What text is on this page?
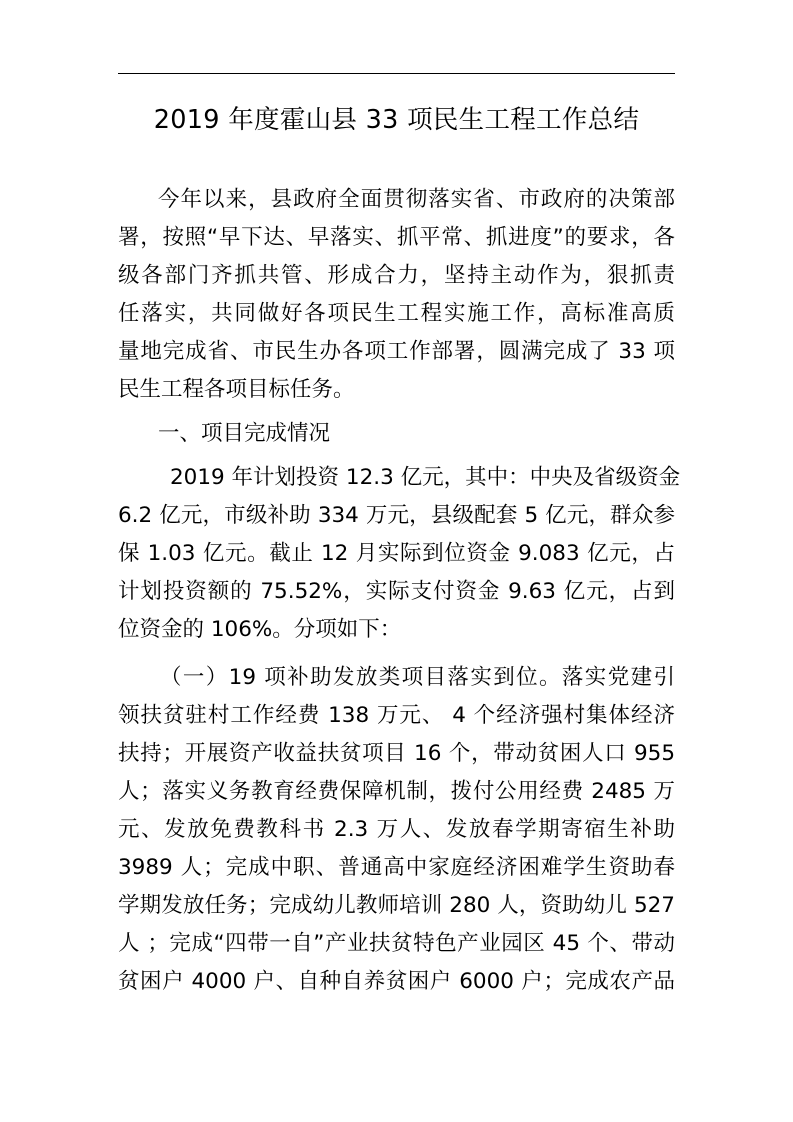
2019 年度霍山县 33 项民生工程工作总结
今年以来，县政府全面贯彻落实省、市政府的决策部
署，按照“早下达、早落实、抓平常、抓进度”的要求，各
级各部门齐抓共管、形成合力，坚持主动作为，狠抓责
任落实，共同做好各项民生工程实施工作，高标准高质
量地完成省、市民生办各项工作部署，圆满完成了 33 项
民生工程各项目标任务。
一、项目完成情况
2019 年计划投资 12.3 亿元，其中：中央及省级资金
6.2 亿元，市级补助 334 万元，县级配套 5 亿元，群众参
保 1.03 亿元。截止 12 月实际到位资金 9.083 亿元，占
计划投资额的 75.52%，实际支付资金 9.63 亿元，占到
位资金的 106%。分项如下：
（一）19 项补助发放类项目落实到位。落实党建引
领扶贫驻村工作经费 138 万元、 4 个经济强村集体经济
扶持；开展资产收益扶贫项目 16 个，带动贫困人口 955
人；落实义务教育经费保障机制，拨付公用经费 2485 万
元、发放免费教科书 2.3 万人、发放春学期寄宿生补助
3989 人；完成中职、普通高中家庭经济困难学生资助春
学期发放任务；完成幼儿教师培训 280 人，资助幼儿 527
人 ；完成“四带一自”产业扶贫特色产业园区 45 个、带动
贫困户 4000 户、自种自养贫困户 6000 户；完成农产品
